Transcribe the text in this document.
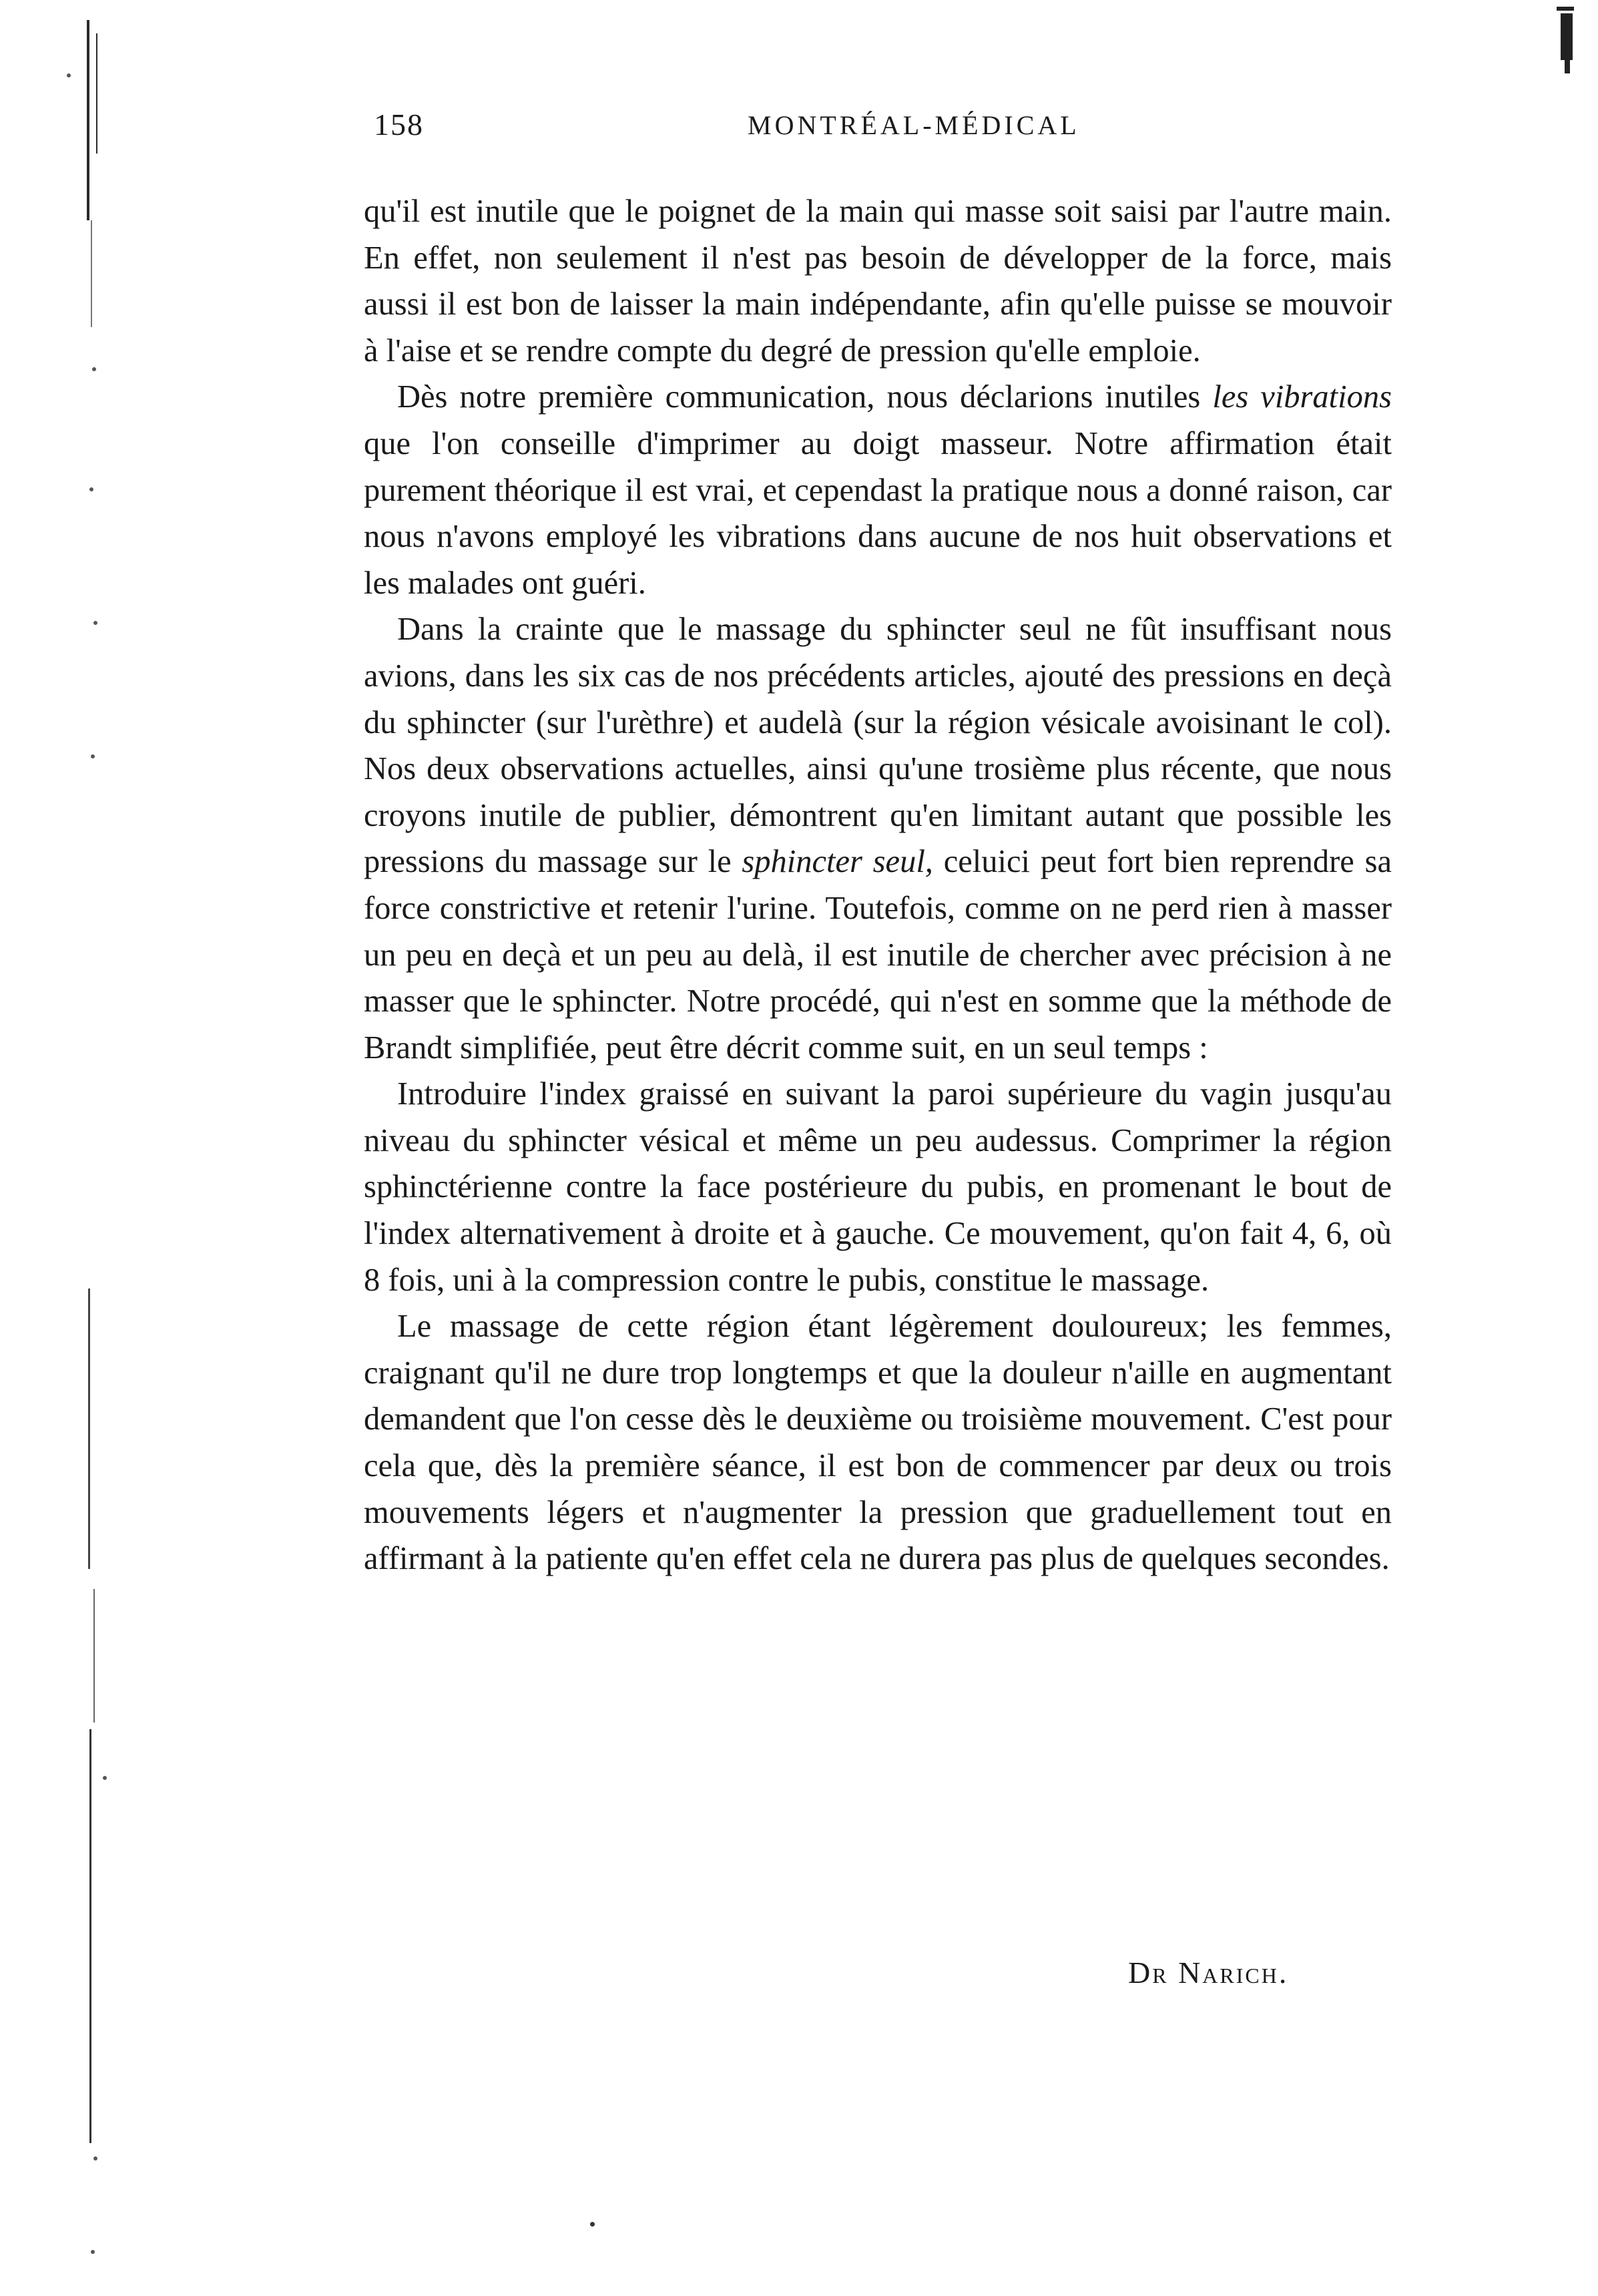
158	MONTRÉAL-MÉDICAL

qu'il est inutile que le poignet de la main qui masse soit saisi par l'autre main. En effet, non seulement il n'est pas besoin de développer de la force, mais aussi il est bon de laisser la main indépendante, afin qu'elle puisse se mouvoir à l'aise et se rendre compte du degré de pression qu'elle emploie.

Dès notre première communication, nous déclarions inutiles les vibrations que l'on conseille d'imprimer au doigt masseur. Notre affirmation était purement théorique il est vrai, et cependast la pratique nous a donné raison, car nous n'avons employé les vibrations dans aucune de nos huit observations et les malades ont guéri.

Dans la crainte que le massage du sphincter seul ne fût insuffisant nous avions, dans les six cas de nos précédents articles, ajouté des pressions en deçà du sphincter (sur l'urèthre) et audelà (sur la région vésicale avoisinant le col). Nos deux observations actuelles, ainsi qu'une trosième plus récente, que nous croyons inutile de publier, démontrent qu'en limitant autant que possible les pressions du massage sur le sphincter seul, celuici peut fort bien reprendre sa force constrictive et retenir l'urine. Toutefois, comme on ne perd rien à masser un peu en deçà et un peu au delà, il est inutile de chercher avec précision à ne masser que le sphincter. Notre procédé, qui n'est en somme que la méthode de Brandt simplifiée, peut être décrit comme suit, en un seul temps :

Introduire l'index graissé en suivant la paroi supérieure du vagin jusqu'au niveau du sphincter vésical et même un peu audessus. Comprimer la région sphinctérienne contre la face postérieure du pubis, en promenant le bout de l'index alternativement à droite et à gauche. Ce mouvement, qu'on fait 4, 6, où 8 fois, uni à la compression contre le pubis, constitue le massage.

Le massage de cette région étant légèrement douloureux; les femmes, craignant qu'il ne dure trop longtemps et que la douleur n'aille en augmentant demandent que l'on cesse dès le deuxième ou troisième mouvement. C'est pour cela que, dès la première séance, il est bon de commencer par deux ou trois mouvements légers et n'augmenter la pression que graduellement tout en affirmant à la patiente qu'en effet cela ne durera pas plus de quelques secondes.

Dr Narich.
